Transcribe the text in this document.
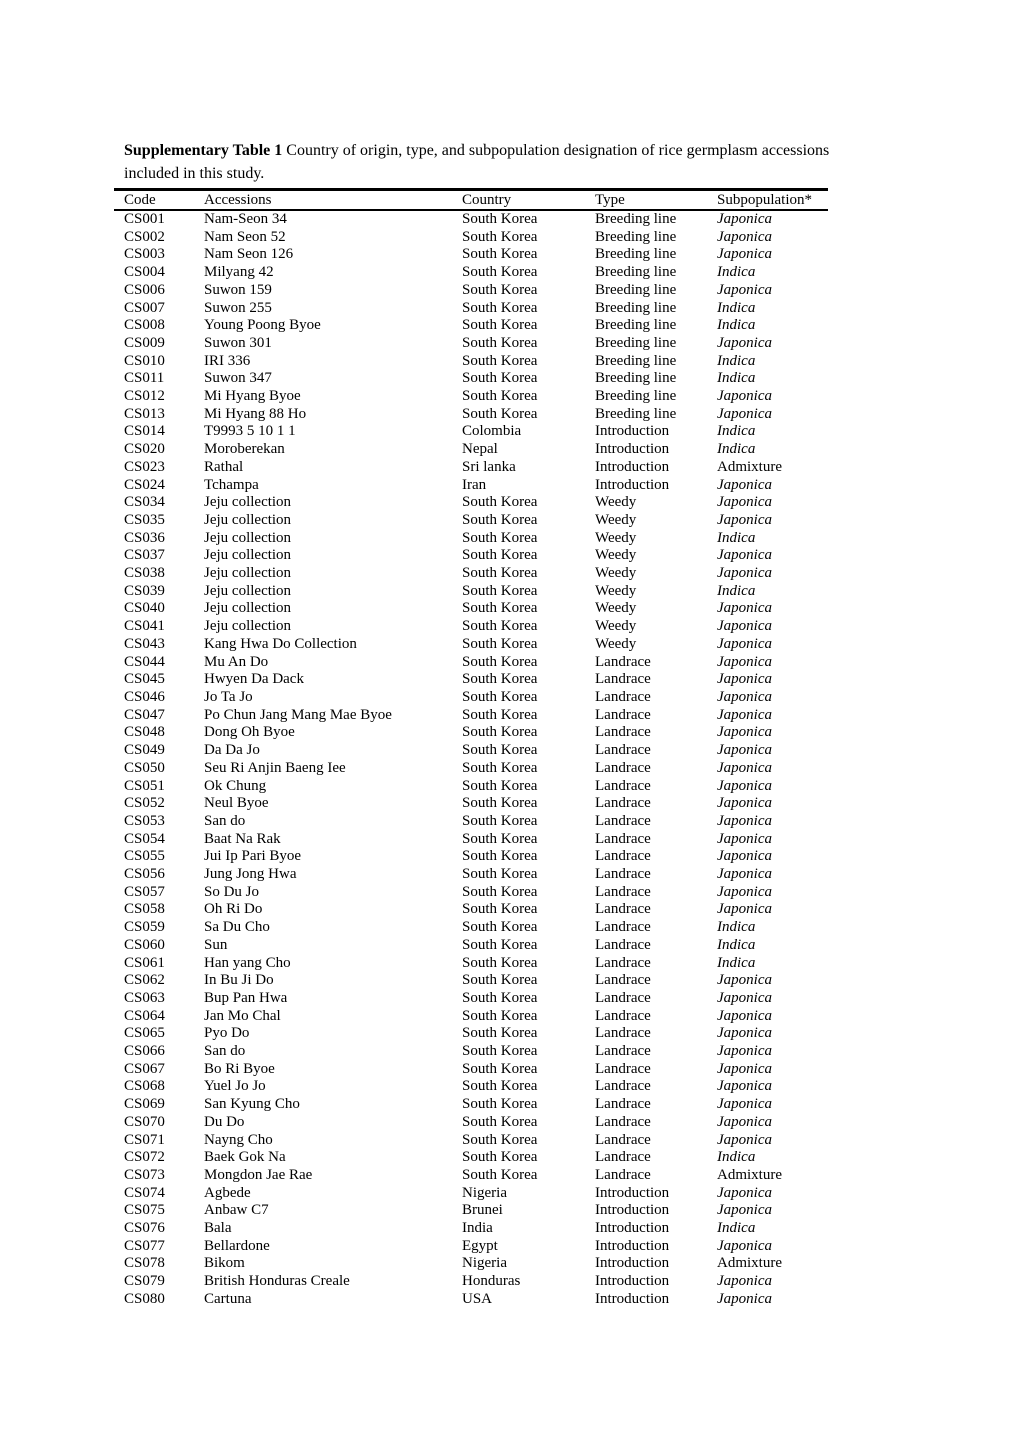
Supplementary Table 1 Country of origin, type, and subpopulation designation of rice germplasm accessions
included in this study.
Code	Accessions	Country	Type	Subpopulation*
CS001	Nam-Seon 34	South Korea	Breeding line	Japonica
CS002	Nam Seon 52	South Korea	Breeding line	Japonica
CS003	Nam Seon 126	South Korea	Breeding line	Japonica
CS004	Milyang 42	South Korea	Breeding line	Indica
CS006	Suwon 159	South Korea	Breeding line	Japonica
CS007	Suwon 255	South Korea	Breeding line	Indica
CS008	Young Poong Byoe	South Korea	Breeding line	Indica
CS009	Suwon 301	South Korea	Breeding line	Japonica
CS010	IRI 336	South Korea	Breeding line	Indica
CS011	Suwon 347	South Korea	Breeding line	Indica
CS012	Mi Hyang Byoe	South Korea	Breeding line	Japonica
CS013	Mi Hyang 88 Ho	South Korea	Breeding line	Japonica
CS014	T9993 5 10 1 1	Colombia	Introduction	Indica
CS020	Moroberekan	Nepal	Introduction	Indica
CS023	Rathal	Sri lanka	Introduction	Admixture
CS024	Tchampa	Iran	Introduction	Japonica
CS034	Jeju collection	South Korea	Weedy	Japonica
CS035	Jeju collection	South Korea	Weedy	Japonica
CS036	Jeju collection	South Korea	Weedy	Indica
CS037	Jeju collection	South Korea	Weedy	Japonica
CS038	Jeju collection	South Korea	Weedy	Japonica
CS039	Jeju collection	South Korea	Weedy	Indica
CS040	Jeju collection	South Korea	Weedy	Japonica
CS041	Jeju collection	South Korea	Weedy	Japonica
CS043	Kang Hwa Do Collection	South Korea	Weedy	Japonica
CS044	Mu An Do	South Korea	Landrace	Japonica
CS045	Hwyen Da Dack	South Korea	Landrace	Japonica
CS046	Jo Ta Jo	South Korea	Landrace	Japonica
CS047	Po Chun Jang Mang Mae Byoe	South Korea	Landrace	Japonica
CS048	Dong Oh Byoe	South Korea	Landrace	Japonica
CS049	Da Da Jo	South Korea	Landrace	Japonica
CS050	Seu Ri Anjin Baeng Iee	South Korea	Landrace	Japonica
CS051	Ok Chung	South Korea	Landrace	Japonica
CS052	Neul Byoe	South Korea	Landrace	Japonica
CS053	San do	South Korea	Landrace	Japonica
CS054	Baat Na Rak	South Korea	Landrace	Japonica
CS055	Jui Ip Pari Byoe	South Korea	Landrace	Japonica
CS056	Jung Jong Hwa	South Korea	Landrace	Japonica
CS057	So Du Jo	South Korea	Landrace	Japonica
CS058	Oh Ri Do	South Korea	Landrace	Japonica
CS059	Sa Du Cho	South Korea	Landrace	Indica
CS060	Sun	South Korea	Landrace	Indica
CS061	Han yang Cho	South Korea	Landrace	Indica
CS062	In Bu Ji Do	South Korea	Landrace	Japonica
CS063	Bup Pan Hwa	South Korea	Landrace	Japonica
CS064	Jan Mo Chal	South Korea	Landrace	Japonica
CS065	Pyo Do	South Korea	Landrace	Japonica
CS066	San do	South Korea	Landrace	Japonica
CS067	Bo Ri Byoe	South Korea	Landrace	Japonica
CS068	Yuel Jo Jo	South Korea	Landrace	Japonica
CS069	San Kyung Cho	South Korea	Landrace	Japonica
CS070	Du Do	South Korea	Landrace	Japonica
CS071	Nayng Cho	South Korea	Landrace	Japonica
CS072	Baek Gok Na	South Korea	Landrace	Indica
CS073	Mongdon Jae Rae	South Korea	Landrace	Admixture
CS074	Agbede	Nigeria	Introduction	Japonica
CS075	Anbaw C7	Brunei	Introduction	Japonica
CS076	Bala	India	Introduction	Indica
CS077	Bellardone	Egypt	Introduction	Japonica
CS078	Bikom	Nigeria	Introduction	Admixture
CS079	British Honduras Creale	Honduras	Introduction	Japonica
CS080	Cartuna	USA	Introduction	Japonica
